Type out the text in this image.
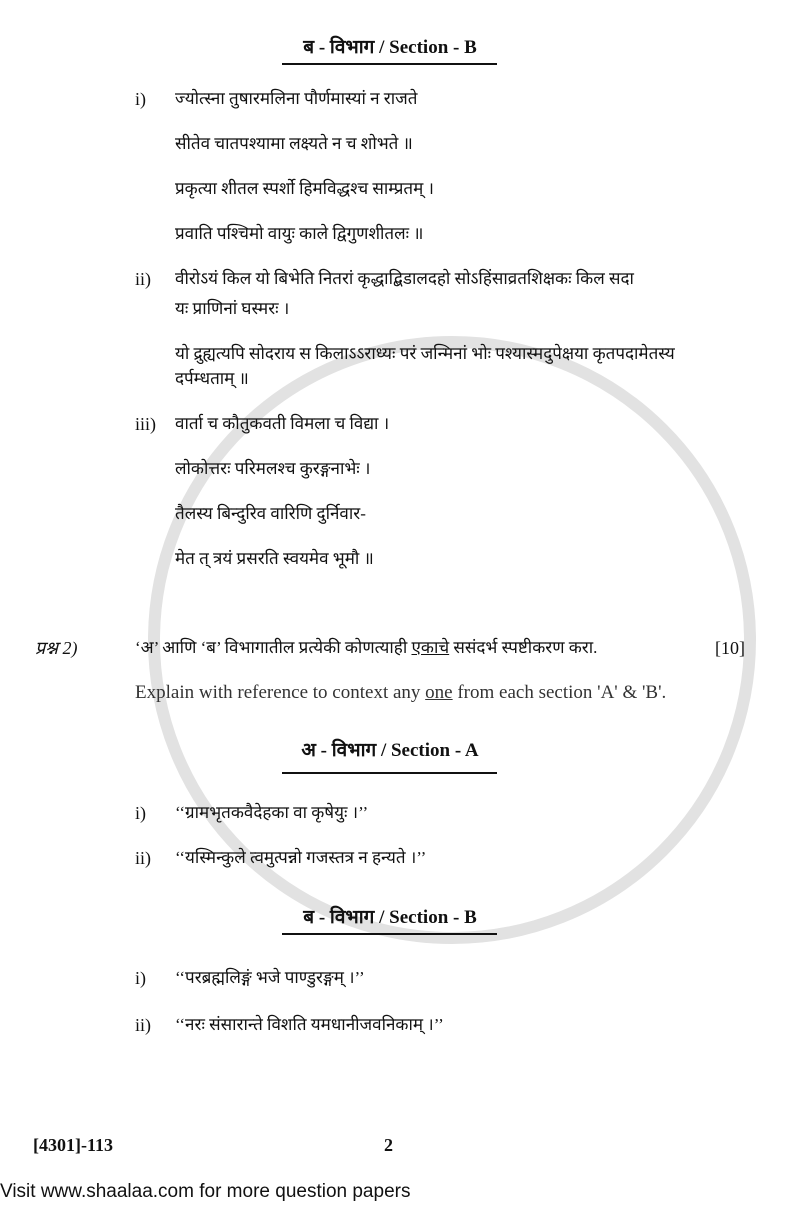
ब - विभाग / Section - B
i)	ज्योत्स्ना तुषारमलिना पौर्णमास्यां न राजते
सीतेव चातपश्यामा लक्ष्यते न च शोभते ॥
प्रकृत्या शीतल स्पर्शो हिमविद्धश्च साम्प्रतम् ।
प्रवाति पश्चिमो वायुः काले द्विगुणशीतलः ॥
ii)	वीरोऽयं किल यो बिभेति नितरां कृद्धाद्बिडालदहो सोऽहिंसाव्रतशिक्षकः किल सदा
यः प्राणिनां घस्मरः ।
यो द्रुह्यत्यपि सोदराय स किलाऽऽराध्यः परं जन्मिनां भोः पश्यास्मदुपेक्षया कृतपदामेतस्य
दर्पम्धताम् ॥
iii)	वार्ता च कौतुकवती विमला च विद्या ।
लोकोत्तरः परिमलश्च कुरङ्गनाभेः ।
तैलस्य बिन्दुरिव वारिणि दुर्निवार-
मेत त् त्रयं प्रसरति स्वयमेव भूमौ ॥
प्रश्न 2)	‘अ’ आणि ‘ब’ विभागातील प्रत्येकी कोणत्याही एकाचे ससंदर्भ स्पष्टीकरण करा.	[10]
Explain with reference to context any one from each section 'A' & 'B'.
अ - विभाग / Section - A
i)	‘‘ग्रामभृतकवैदेहका वा कृषेयुः ।’’
ii)	‘‘यस्मिन्कुले त्वमुत्पन्नो गजस्तत्र न हन्यते ।’’
ब - विभाग / Section - B
i)	‘‘परब्रह्मलिङ्गं भजे पाण्डुरङ्गम् ।’’
ii)	‘‘नरः संसारान्ते विशति यमधानीजवनिकाम् ।’’
[4301]-113	2
Visit www.shaalaa.com for more question papers
